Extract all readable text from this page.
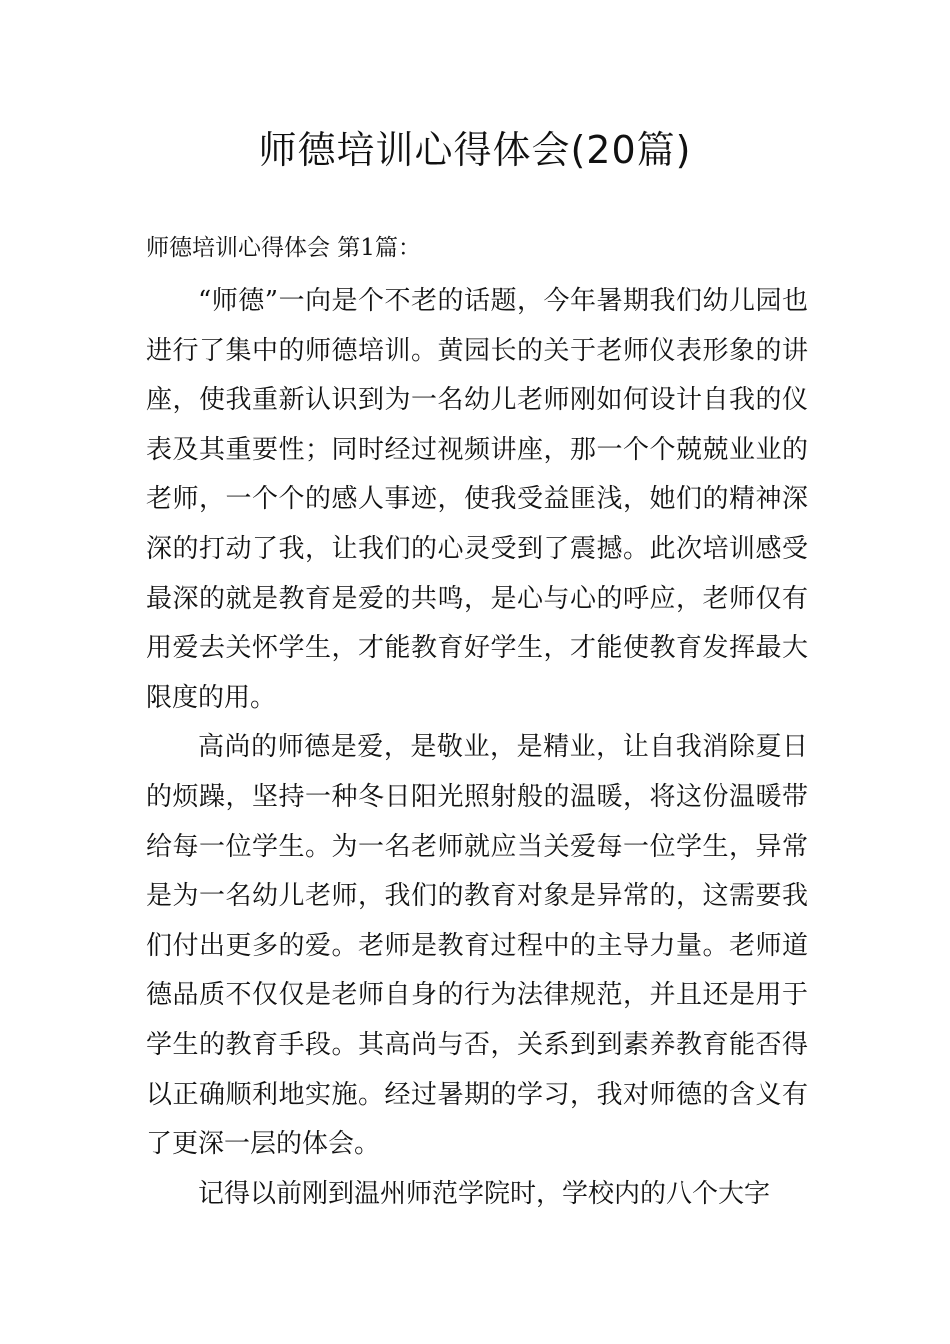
师德培训心得体会(20篇)

师德培训心得体会 第1篇：

“师德”一向是个不老的话题，今年暑期我们幼儿园也进行了集中的师德培训。黄园长的关于老师仪表形象的讲座，使我重新认识到为一名幼儿老师刚如何设计自我的仪表及其重要性；同时经过视频讲座，那一个个兢兢业业的老师，一个个的感人事迹，使我受益匪浅，她们的精神深深的打动了我，让我们的心灵受到了震撼。此次培训感受最深的就是教育是爱的共鸣，是心与心的呼应，老师仅有用爱去关怀学生，才能教育好学生，才能使教育发挥最大限度的用。

高尚的师德是爱，是敬业，是精业，让自我消除夏日的烦躁，坚持一种冬日阳光照射般的温暖，将这份温暖带给每一位学生。为一名老师就应当关爱每一位学生，异常是为一名幼儿老师，我们的教育对象是异常的，这需要我们付出更多的爱。老师是教育过程中的主导力量。老师道德品质不仅仅是老师自身的行为法律规范，并且还是用于学生的教育手段。其高尚与否，关系到到素养教育能否得以正确顺利地实施。经过暑期的学习，我对师德的含义有了更深一层的体会。

记得以前刚到温州师范学院时，学校内的八个大字
